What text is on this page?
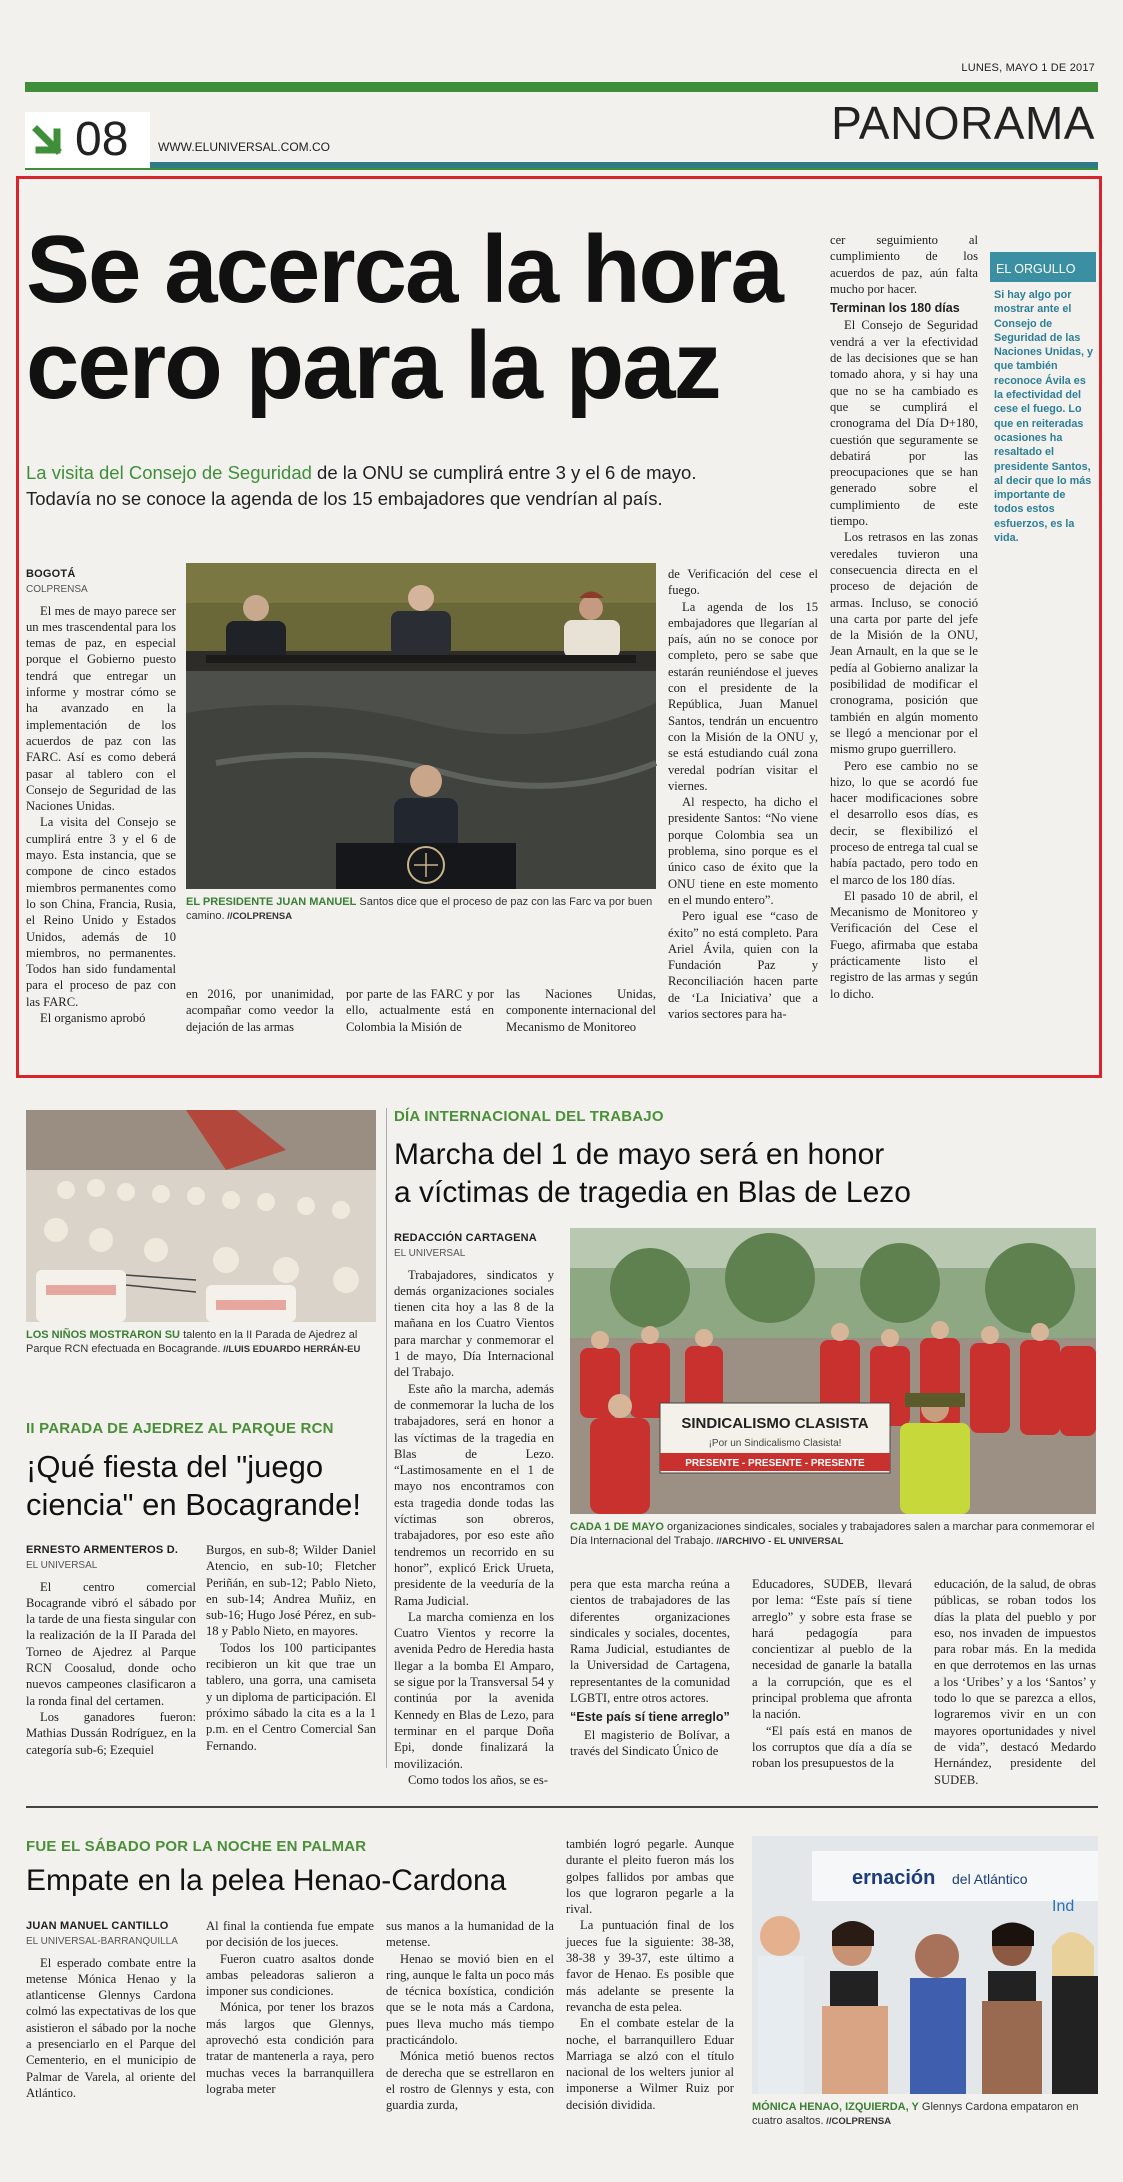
LUNES, MAYO 1 DE 2017
08 WWW.ELUNIVERSAL.COM.CO	PANORAMA
Se acerca la hora
cero para la paz
La visita del Consejo de Seguridad de la ONU se cumplirá entre 3 y el 6 de mayo.
Todavía no se conoce la agenda de los 15 embajadores que vendrían al país.
BOGOTÁ
COLPRENSA

El mes de mayo parece ser un mes trascendental para los temas de paz, en especial porque el Gobierno puesto tendrá que entregar un informe y mostrar cómo se ha avanzado en la implementación de los acuerdos de paz con las FARC. Así es como deberá pasar al tablero con el Consejo de Seguridad de las Naciones Unidas.

La visita del Consejo se cumplirá entre 3 y el 6 de mayo. Esta instancia, que se compone de cinco estados miembros permanentes como lo son China, Francia, Rusia, el Reino Unido y Estados Unidos, además de 10 miembros, no permanentes. Todos han sido fundamental para el proceso de paz con las FARC.

El organismo aprobó

EL PRESIDENTE JUAN MANUEL Santos dice que el proceso de paz con las Farc va por buen camino. //COLPRENSA

en 2016, por unanimidad, acompañar como veedor la dejación de las armas

por parte de las FARC y por ello, actualmente está en Colombia la Misión de

las Naciones Unidas, componente internacional del Mecanismo de Monitoreo

de Verificación del cese el fuego.

La agenda de los 15 embajadores que llegarían al país, aún no se conoce por completo, pero se sabe que estarán reuniéndose el jueves con el presidente de la República, Juan Manuel Santos, tendrán un encuentro con la Misión de la ONU y, se está estudiando cuál zona veredal podrían visitar el viernes.

Al respecto, ha dicho el presidente Santos: “No viene porque Colombia sea un problema, sino porque es el único caso de éxito que la ONU tiene en este momento en el mundo entero”.

Pero igual ese “caso de éxito” no está completo. Para Ariel Ávila, quien con la Fundación Paz y Reconciliación hacen parte de ‘La Iniciativa’ que a varios sectores para ha-

cer seguimiento al cumplimiento de los acuerdos de paz, aún falta mucho por hacer.

Terminan los 180 días

El Consejo de Seguridad vendrá a ver la efectividad de las decisiones que se han tomado ahora, y si hay una que no se ha cambiado es que se cumplirá el cronograma del Día D+180, cuestión que seguramente se debatirá por las preocupaciones que se han generado sobre el cumplimiento de este tiempo.

Los retrasos en las zonas veredales tuvieron una consecuencia directa en el proceso de dejación de armas. Incluso, se conoció una carta por parte del jefe de la Misión de la ONU, Jean Arnault, en la que se le pedía al Gobierno analizar la posibilidad de modificar el cronograma, posición que también en algún momento se llegó a mencionar por el mismo grupo guerrillero.

Pero ese cambio no se hizo, lo que se acordó fue hacer modificaciones sobre el desarrollo esos días, es decir, se flexibilizó el proceso de entrega tal cual se había pactado, pero todo en el marco de los 180 días.

El pasado 10 de abril, el Mecanismo de Monitoreo y Verificación del Cese el Fuego, afirmaba que estaba prácticamente listo el registro de las armas y según lo dicho.

EL ORGULLO
Si hay algo por mostrar ante el Consejo de Seguridad de las Naciones Unidas, y que también reconoce Ávila es la efectividad del cese el fuego. Lo que en reiteradas ocasiones ha resaltado el presidente Santos, al decir que lo más importante de todos estos esfuerzos, es la vida.
LOS NIÑOS MOSTRARON SU talento en la II Parada de Ajedrez al Parque RCN efectuada en Bocagrande. //LUIS EDUARDO HERRÁN-EU
II PARADA DE AJEDREZ AL PARQUE RCN
¡Qué fiesta del "juego
ciencia" en Bocagrande!
ERNESTO ARMENTEROS D.
EL UNIVERSAL

El centro comercial Bocagrande vibró el sábado por la tarde de una fiesta singular con la realización de la II Parada del Torneo de Ajedrez al Parque RCN Coosalud, donde ocho nuevos campeones clasificaron a la ronda final del certamen.

Los ganadores fueron: Mathias Dussán Rodríguez, en la categoría sub-6; Ezequiel

Burgos, en sub-8; Wilder Daniel Atencio, en sub-10; Fletcher Periñán, en sub-12; Pablo Nieto, en sub-14; Andrea Muñiz, en sub-16; Hugo José Pérez, en sub-18 y Pablo Nieto, en mayores.

Todos los 100 participantes recibieron un kit que trae un tablero, una gorra, una camiseta y un diploma de participación. El próximo sábado la cita es a la 1 p.m. en el Centro Comercial San Fernando.

DÍA INTERNACIONAL DEL TRABAJO
Marcha del 1 de mayo será en honor
a víctimas de tragedia en Blas de Lezo
REDACCIÓN CARTAGENA
EL UNIVERSAL

Trabajadores, sindicatos y demás organizaciones sociales tienen cita hoy a las 8 de la mañana en los Cuatro Vientos para marchar y conmemorar el 1 de mayo, Día Internacional del Trabajo.

Este año la marcha, además de conmemorar la lucha de los trabajadores, será en honor a las víctimas de la tragedia en Blas de Lezo. “Lastimosamente en el 1 de mayo nos encontramos con esta tragedia donde todas las víctimas son obreros, trabajadores, por eso este año tendremos un recorrido en su honor”, explicó Erick Urueta, presidente de la veeduría de la Rama Judicial.

La marcha comienza en los Cuatro Vientos y recorre la avenida Pedro de Heredia hasta llegar a la bomba El Amparo, se sigue por la Transversal 54 y continúa por la avenida Kennedy en Blas de Lezo, para terminar en el parque Doña Epi, donde finalizará la movilización.

Como todos los años, se es-

SINDICALISMO CLASISTA
¡Por un Sindicalismo Clasista!
PRESENTE - PRESENTE - PRESENTE
CADA 1 DE MAYO organizaciones sindicales, sociales y trabajadores salen a marchar para conmemorar el Día Internacional del Trabajo. //ARCHIVO - EL UNIVERSAL

pera que esta marcha reúna a cientos de trabajadores de las diferentes organizaciones sindicales y sociales, docentes, Rama Judicial, estudiantes de la Universidad de Cartagena, representantes de la comunidad LGBTI, entre otros actores.

“Este país sí tiene arreglo”

El magisterio de Bolívar, a través del Sindicato Único de

Educadores, SUDEB, llevará por lema: “Este país sí tiene arreglo” y sobre esta frase se hará pedagogía para concientizar al pueblo de la necesidad de ganarle la batalla a la corrupción, que es el principal problema que afronta la nación.

“El país está en manos de los corruptos que día a día se roban los presupuestos de la

educación, de la salud, de obras públicas, se roban todos los días la plata del pueblo y por eso, nos invaden de impuestos para robar más. En la medida en que derrotemos en las urnas a los ‘Uribes’ y a los ‘Santos’ y todo lo que se parezca a ellos, lograremos vivir en un con mayores oportunidades y nivel de vida”, destacó Medardo Hernández, presidente del SUDEB.

FUE EL SÁBADO POR LA NOCHE EN PALMAR
Empate en la pelea Henao-Cardona
JUAN MANUEL CANTILLO
EL UNIVERSAL-BARRANQUILLA

El esperado combate entre la metense Mónica Henao y la atlanticense Glennys Cardona colmó las expectativas de los que asistieron el sábado por la noche a presenciarlo en el Parque del Cementerio, en el municipio de Palmar de Varela, al oriente del Atlántico.

Al final la contienda fue empate por decisión de los jueces.

Fueron cuatro asaltos donde ambas peleadoras salieron a imponer sus condiciones.

Mónica, por tener los brazos más largos que Glennys, aprovechó esta condición para tratar de mantenerla a raya, pero muchas veces la barranquillera lograba meter

sus manos a la humanidad de la metense.

Henao se movió bien en el ring, aunque le falta un poco más de técnica boxística, condición que se le nota más a Cardona, pues lleva mucho más tiempo practicándolo.

Mónica metió buenos rectos de derecha que se estrellaron en el rostro de Glennys y esta, con guardia zurda,

también logró pegarle. Aunque durante el pleito fueron más los golpes fallidos por ambas que los que lograron pegarle a la rival.

La puntuación final de los jueces fue la siguiente: 38-38, 38-38 y 39-37, este último a favor de Henao. Es posible que más adelante se presente la revancha de esta pelea.

En el combate estelar de la noche, el barranquillero Eduar Marriaga se alzó con el título nacional de los welters junior al imponerse a Wilmer Ruiz por decisión dividida.

ernación del Atlántico
Ind
MÓNICA HENAO, IZQUIERDA, Y Glennys Cardona empataron en cuatro asaltos. //COLPRENSA
